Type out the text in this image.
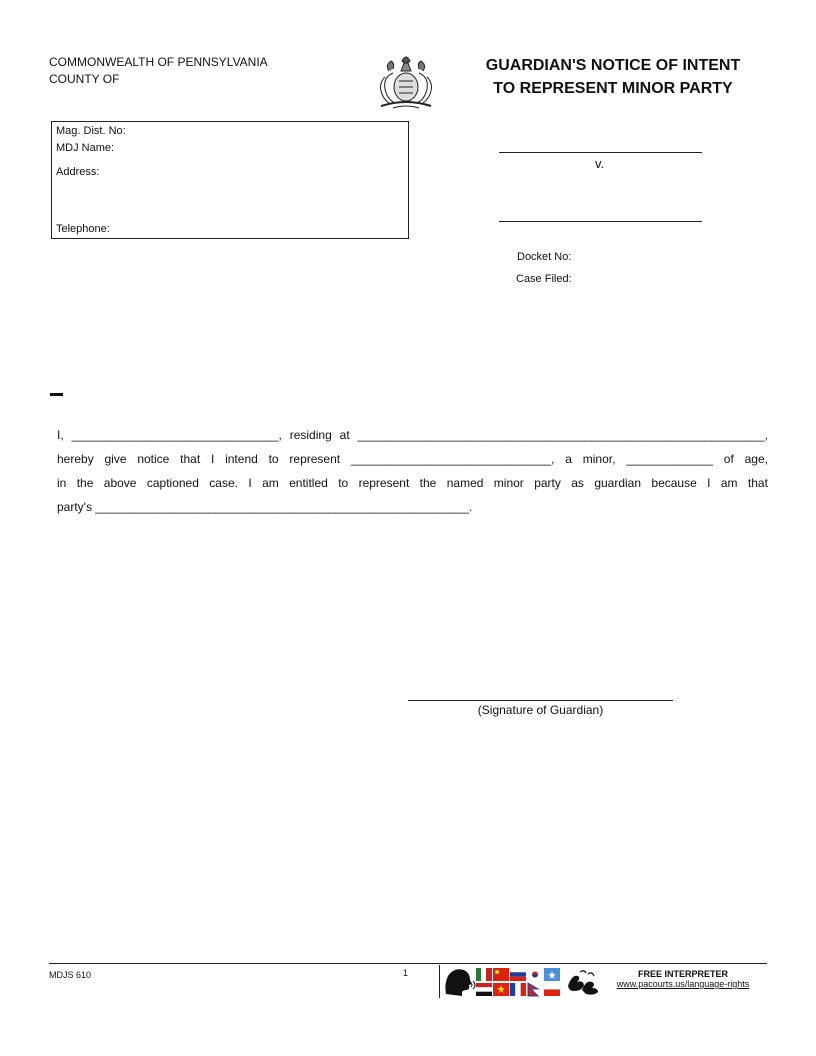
COMMONWEALTH OF PENNSYLVANIA
COUNTY OF
GUARDIAN'S NOTICE OF INTENT
TO REPRESENT MINOR PARTY
Mag. Dist. No:
MDJ Name:
Address:
Telephone:
v.
Docket No:
Case Filed:
I, _______________________________, residing at _____________________________________________________________,
hereby give notice that I intend to represent ______________________________, a minor, _____________ of age,
in the above captioned case. I am entitled to represent the named minor party as guardian because I am that
party's ________________________________________________________.
(Signature of Guardian)
MDJS 610	1	FREE INTERPRETER
www.pacourts.us/language-rights
